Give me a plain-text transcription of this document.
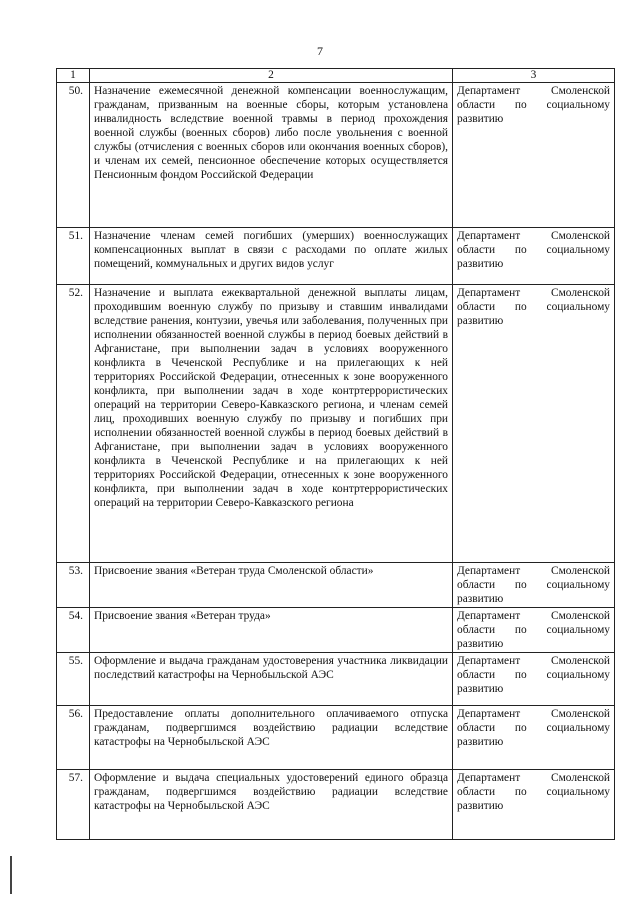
7
1	2	3
50.	Назначение ежемесячной денежной компенсации военнослужащим, гражданам, призванным на военные сборы, которым установлена инвалидность вследствие военной травмы в период прохождения военной службы (военных сборов) либо после увольнения с военной службы (отчисления с военных сборов или окончания военных сборов), и членам их семей, пенсионное обеспечение которых осуществляется Пенсионным фондом Российской Федерации	Департамент Смоленской области по социальному развитию
51.	Назначение членам семей погибших (умерших) военнослужащих компенсационных выплат в связи с расходами по оплате жилых помещений, коммунальных и других видов услуг	Департамент Смоленской области по социальному развитию
52.	Назначение и выплата ежеквартальной денежной выплаты лицам, проходившим военную службу по призыву и ставшим инвалидами вследствие ранения, контузии, увечья или заболевания, полученных при исполнении обязанностей военной службы в период боевых действий в Афганистане, при выполнении задач в условиях вооруженного конфликта в Чеченской Республике и на прилегающих к ней территориях Российской Федерации, отнесенных к зоне вооруженного конфликта, при выполнении задач в ходе контртеррористических операций на территории Северо-Кавказского региона, и членам семей лиц, проходивших военную службу по призыву и погибших при исполнении обязанностей военной службы в период боевых действий в Афганистане, при выполнении задач в условиях вооруженного конфликта в Чеченской Республике и на прилегающих к ней территориях Российской Федерации, отнесенных к зоне вооруженного конфликта, при выполнении задач в ходе контртеррористических операций на территории Северо-Кавказского региона	Департамент Смоленской области по социальному развитию
53.	Присвоение звания «Ветеран труда Смоленской области»	Департамент Смоленской области по социальному развитию
54.	Присвоение звания «Ветеран труда»	Департамент Смоленской области по социальному развитию
55.	Оформление и выдача гражданам удостоверения участника ликвидации последствий катастрофы на Чернобыльской АЭС	Департамент Смоленской области по социальному развитию
56.	Предоставление оплаты дополнительного оплачиваемого отпуска гражданам, подвергшимся воздействию радиации вследствие катастрофы на Чернобыльской АЭС	Департамент Смоленской области по социальному развитию
57.	Оформление и выдача специальных удостоверений единого образца гражданам, подвергшимся воздействию радиации вследствие катастрофы на Чернобыльской АЭС	Департамент Смоленской области по социальному развитию
